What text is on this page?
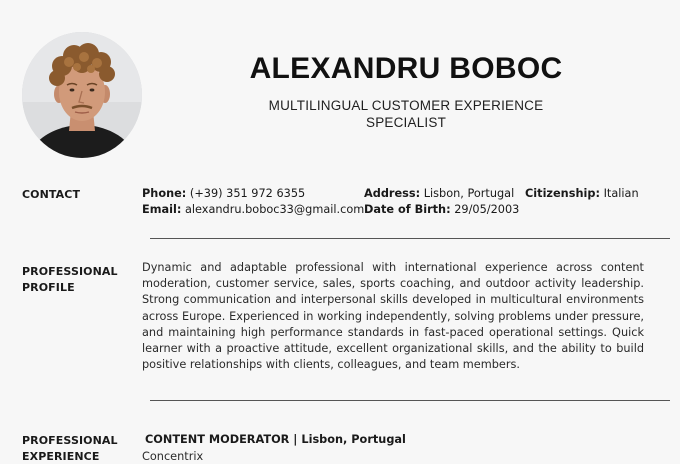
ALEXANDRU BOBOC
MULTILINGUAL CUSTOMER EXPERIENCE SPECIALIST
CONTACT	Phone: (+39) 351 972 6355
Email: alexandru.boboc33@gmail.com
Address: Lisbon, Portugal
Date of Birth: 29/05/2003
Citizenship: Italian
PROFESSIONAL PROFILE
Dynamic and adaptable professional with international experience across content moderation, customer service, sales, sports coaching, and outdoor activity leadership. Strong communication and interpersonal skills developed in multicultural environments across Europe. Experienced in working independently, solving problems under pressure, and maintaining high performance standards in fast-paced operational settings. Quick learner with a proactive attitude, excellent organizational skills, and the ability to build positive relationships with clients, colleagues, and team members.
PROFESSIONAL EXPERIENCE
CONTENT MODERATOR | Lisbon, Portugal
Concentrix
